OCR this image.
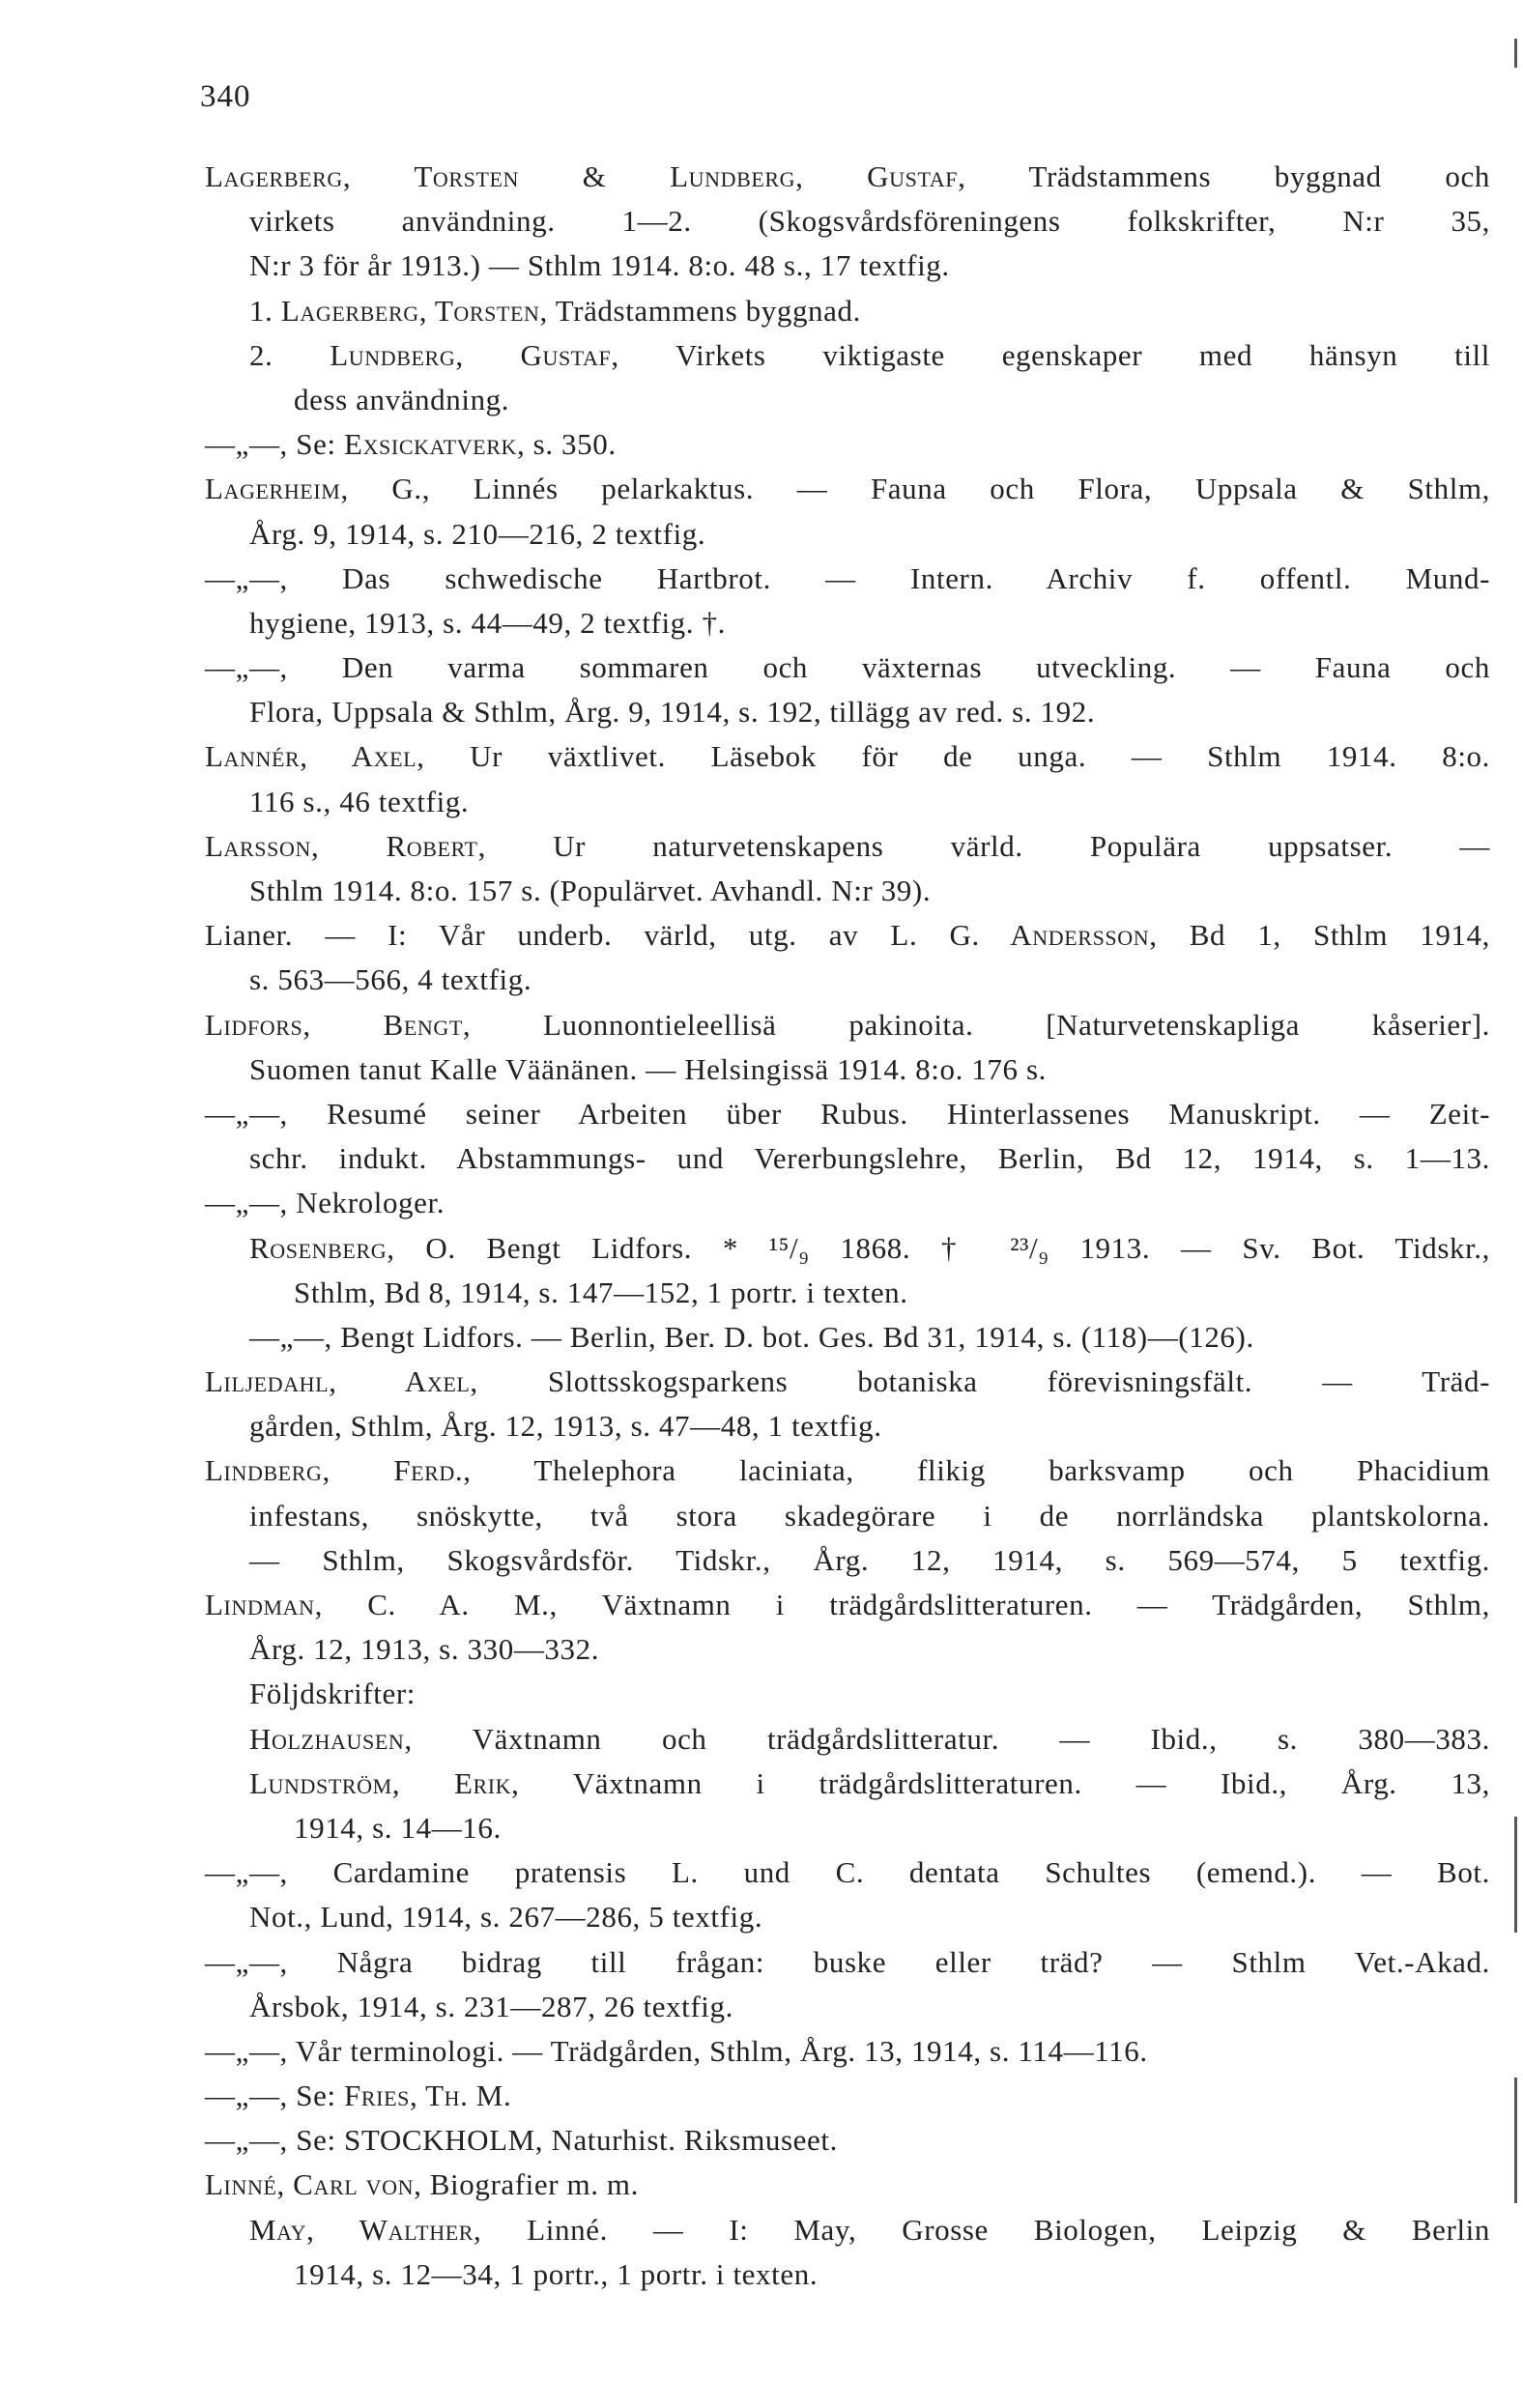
340
Lagerberg, Torsten & Lundberg, Gustaf, Trädstammens byggnad och
virkets användning. 1—2. (Skogsvårdsföreningens folkskrifter, N:r 35,
N:r 3 för år 1913.) — Sthlm 1914. 8:o. 48 s., 17 textfig.
1. Lagerberg, Torsten, Trädstammens byggnad.
2. Lundberg, Gustaf, Virkets viktigaste egenskaper med hänsyn till
dess användning.
—„—, Se: Exsickatverk, s. 350.
Lagerheim, G., Linnés pelarkaktus. — Fauna och Flora, Uppsala & Sthlm,
Årg. 9, 1914, s. 210—216, 2 textfig.
—„—, Das schwedische Hartbrot. — Intern. Archiv f. offentl. Mund-
hygiene, 1913, s. 44—49, 2 textfig. †.
—„—, Den varma sommaren och växternas utveckling. — Fauna och
Flora, Uppsala & Sthlm, Årg. 9, 1914, s. 192, tillägg av red. s. 192.
Lannér, Axel, Ur växtlivet. Läsebok för de unga. — Sthlm 1914. 8:o.
116 s., 46 textfig.
Larsson, Robert, Ur naturvetenskapens värld. Populära uppsatser. —
Sthlm 1914. 8:o. 157 s. (Populärvet. Avhandl. N:r 39).
Lianer. — I: Vår underb. värld, utg. av L. G. Andersson, Bd 1, Sthlm 1914,
s. 563—566, 4 textfig.
Lidfors, Bengt, Luonnontieleellisä pakinoita. [Naturvetenskapliga kåserier].
Suomen tanut Kalle Väänänen. — Helsingissä 1914. 8:o. 176 s.
—„—, Resumé seiner Arbeiten über Rubus. Hinterlassenes Manuskript. — Zeit-
schr. indukt. Abstammungs- und Vererbungslehre, Berlin, Bd 12, 1914, s. 1—13.
—„—, Nekrologer.
Rosenberg, O. Bengt Lidfors. * ¹⁵/₉ 1868. † ²³/₉ 1913. — Sv. Bot. Tidskr.,
Sthlm, Bd 8, 1914, s. 147—152, 1 portr. i texten.
—„—, Bengt Lidfors. — Berlin, Ber. D. bot. Ges. Bd 31, 1914, s. (118)—(126).
Liljedahl, Axel, Slottsskogsparkens botaniska förevisningsfält. — Träd-
gården, Sthlm, Årg. 12, 1913, s. 47—48, 1 textfig.
Lindberg, Ferd., Thelephora laciniata, flikig barksvamp och Phacidium
infestans, snöskytte, två stora skadegörare i de norrländska plantskolorna.
— Sthlm, Skogsvårdsför. Tidskr., Årg. 12, 1914, s. 569—574, 5 textfig.
Lindman, C. A. M., Växtnamn i trädgårdslitteraturen. — Trädgården, Sthlm,
Årg. 12, 1913, s. 330—332.
Följdskrifter:
Holzhausen, Växtnamn och trädgårdslitteratur. — Ibid., s. 380—383.
Lundström, Erik, Växtnamn i trädgårdslitteraturen. — Ibid., Årg. 13,
1914, s. 14—16.
—„—, Cardamine pratensis L. und C. dentata Schultes (emend.). — Bot.
Not., Lund, 1914, s. 267—286, 5 textfig.
—„—, Några bidrag till frågan: buske eller träd? — Sthlm Vet.-Akad.
Årsbok, 1914, s. 231—287, 26 textfig.
—„—, Vår terminologi. — Trädgården, Sthlm, Årg. 13, 1914, s. 114—116.
—„—, Se: Fries, Th. M.
—„—, Se: STOCKHOLM, Naturhist. Riksmuseet.
Linné, Carl von, Biografier m. m.
May, Walther, Linné. — I: May, Grosse Biologen, Leipzig & Berlin
1914, s. 12—34, 1 portr., 1 portr. i texten.
